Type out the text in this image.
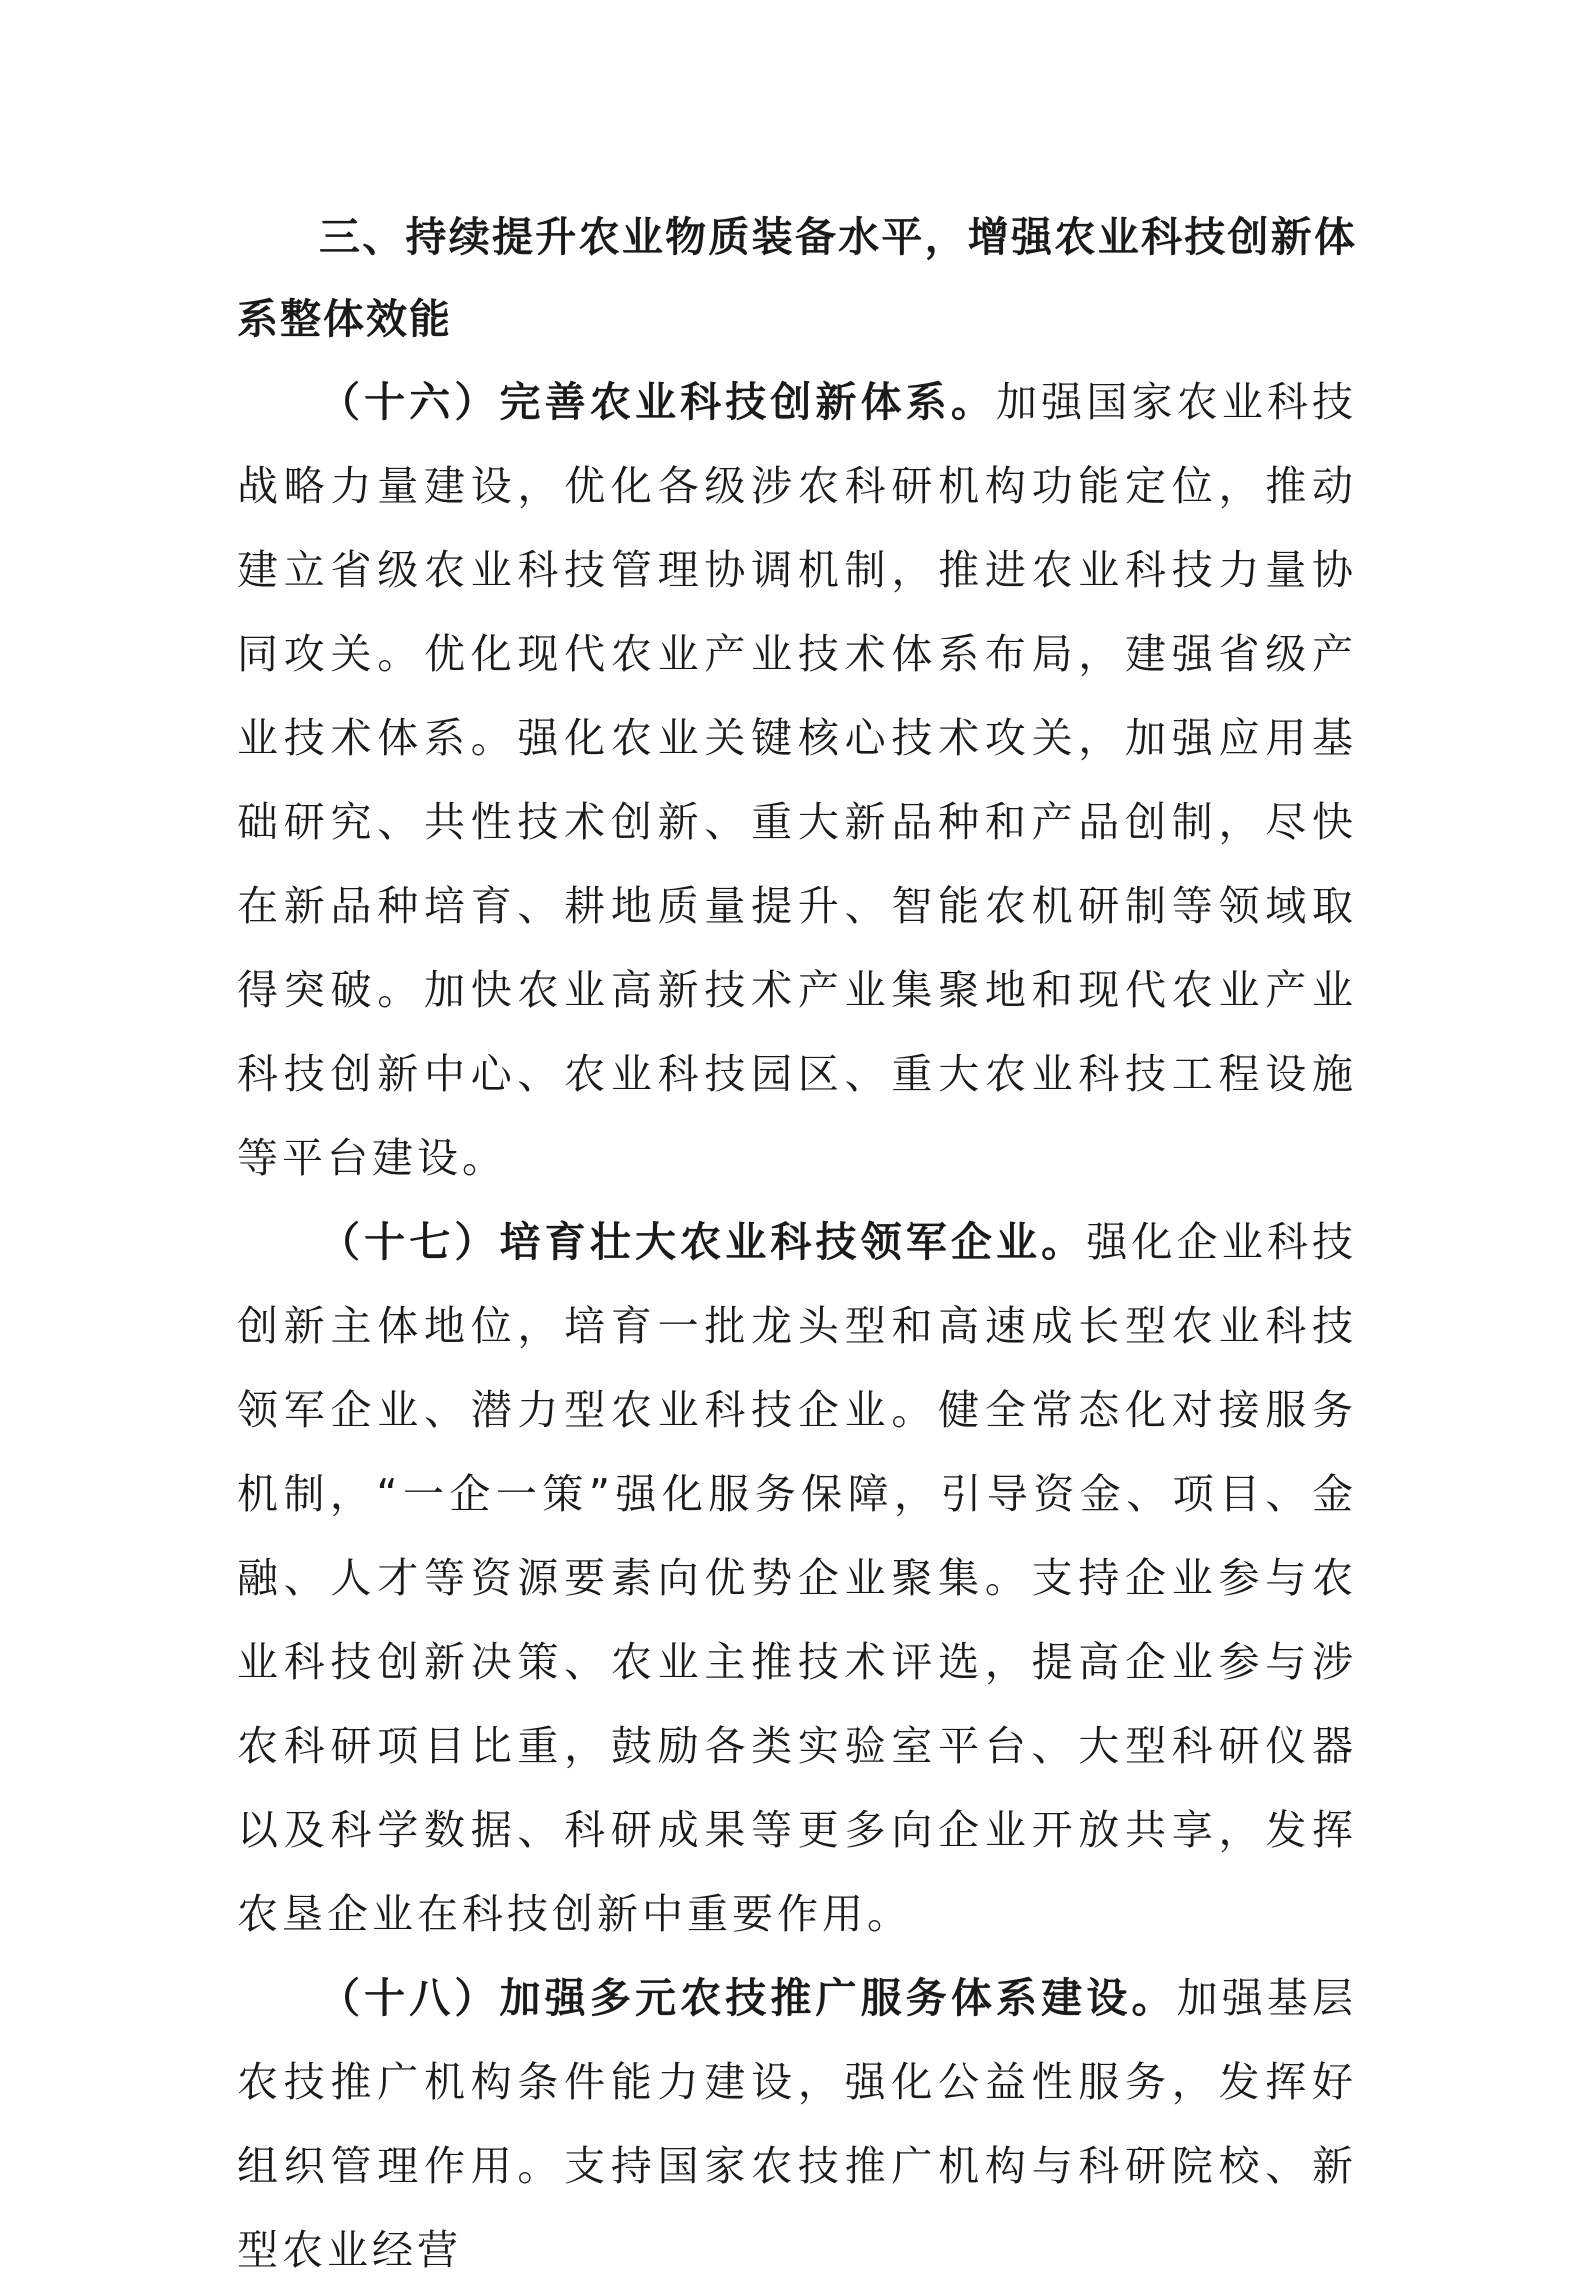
三、持续提升农业物质装备水平，增强农业科技创新体系整体效能

（十六）完善农业科技创新体系。加强国家农业科技战略力量建设，优化各级涉农科研机构功能定位，推动建立省级农业科技管理协调机制，推进农业科技力量协同攻关。优化现代农业产业技术体系布局，建强省级产业技术体系。强化农业关键核心技术攻关，加强应用基础研究、共性技术创新、重大新品种和产品创制，尽快在新品种培育、耕地质量提升、智能农机研制等领域取得突破。加快农业高新技术产业集聚地和现代农业产业科技创新中心、农业科技园区、重大农业科技工程设施等平台建设。

（十七）培育壮大农业科技领军企业。强化企业科技创新主体地位，培育一批龙头型和高速成长型农业科技领军企业、潜力型农业科技企业。健全常态化对接服务机制，“一企一策”强化服务保障，引导资金、项目、金融、人才等资源要素向优势企业聚集。支持企业参与农业科技创新决策、农业主推技术评选，提高企业参与涉农科研项目比重，鼓励各类实验室平台、大型科研仪器以及科学数据、科研成果等更多向企业开放共享，发挥农垦企业在科技创新中重要作用。

（十八）加强多元农技推广服务体系建设。加强基层农技推广机构条件能力建设，强化公益性服务，发挥好组织管理作用。支持国家农技推广机构与科研院校、新型农业经营
